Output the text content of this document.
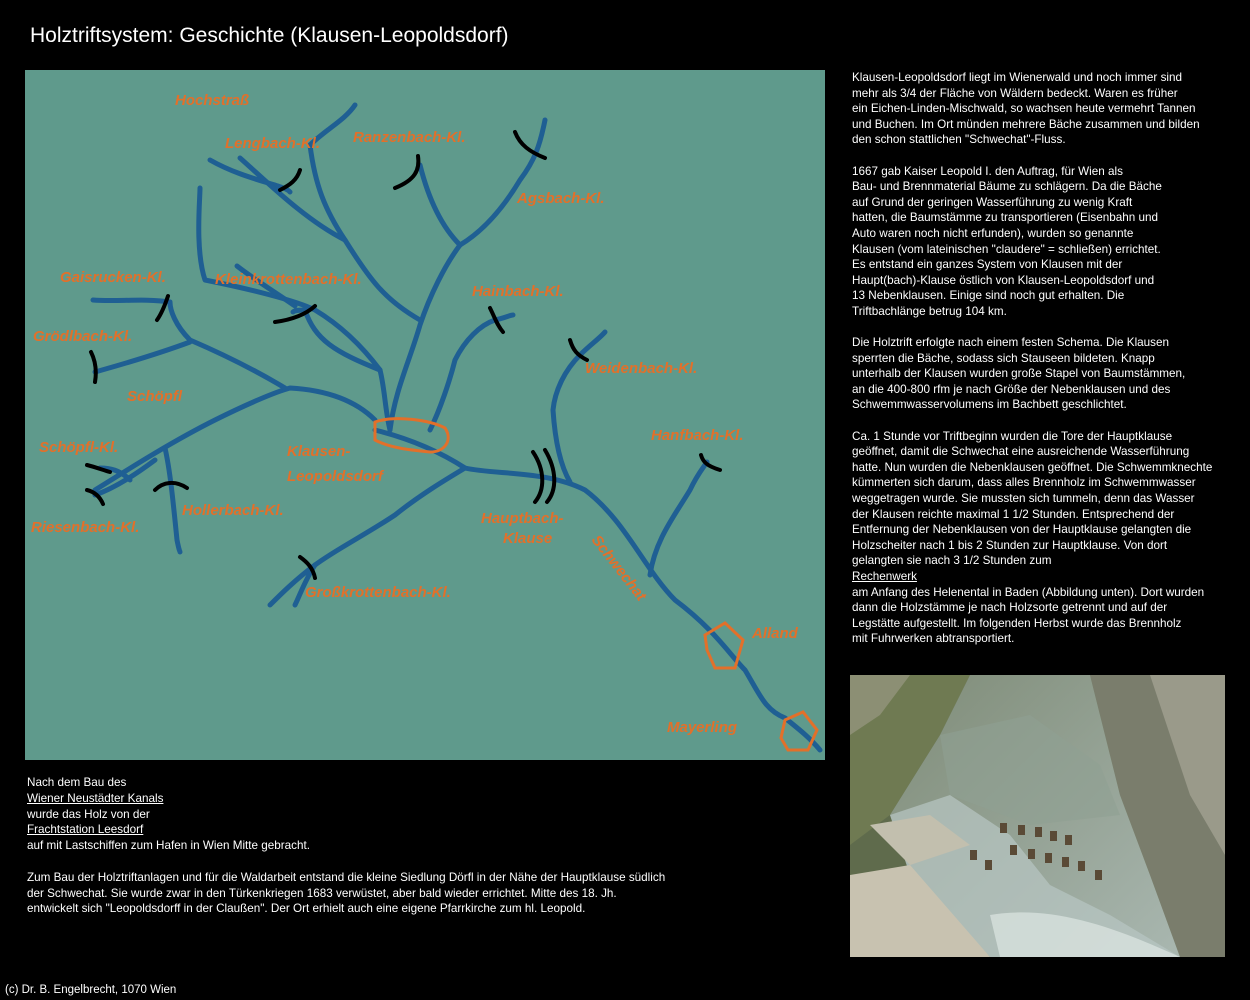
Holztriftsystem: Geschichte (Klausen-Leopoldsdorf)
Hochstraß
Lengbach-Kl. Ranzenbach-Kl.
Agsbach-Kl.
Gaisrucken-Kl.	Kleinkrottenbach-Kl.
Hainbach-Kl.
Grödlbach-Kl.
Schöpfl
Weidenbach-Kl.
Klausen-
Leopoldsdorf
Hanfbach-Kl.
Schöpfl-Kl.
Hollerbach-Kl.
Riesenbach-Kl.
Hauptbach-
Klause Schwechat
Großkrottenbach-Kl.
Alland
Mayerling

Klausen-Leopoldsdorf liegt im Wienerwald und noch immer sind
mehr als 3/4 der Fläche von Wäldern bedeckt. Waren es früher
ein Eichen-Linden-Mischwald, so wachsen heute vermehrt Tannen
und Buchen. Im Ort münden mehrere Bäche zusammen und bilden
den schon stattlichen "Schwechat"-Fluss.

1667 gab Kaiser Leopold I. den Auftrag, für Wien als
Bau- und Brennmaterial Bäume zu schlägern. Da die Bäche
auf Grund der geringen Wasserführung zu wenig Kraft
hatten, die Baumstämme zu transportieren (Eisenbahn und
Auto waren noch nicht erfunden), wurden so genannte
Klausen (vom lateinischen "claudere" = schließen) errichtet.
Es entstand ein ganzes System von Klausen mit der
Haupt(bach)-Klause östlich von Klausen-Leopoldsdorf und
13 Nebenklausen. Einige sind noch gut erhalten. Die
Triftbachlänge betrug 104 km.

Die Holztrift erfolgte nach einem festen Schema. Die Klausen
sperrten die Bäche, sodass sich Stauseen bildeten. Knapp
unterhalb der Klausen wurden große Stapel von Baumstämmen,
an die 400-800 rfm je nach Größe der Nebenklausen und des
Schwemmwasservolumens im Bachbett geschlichtet.

Ca. 1 Stunde vor Triftbeginn wurden die Tore der Hauptklause
geöffnet, damit die Schwechat eine ausreichende Wasserführung
hatte. Nun wurden die Nebenklausen geöffnet. Die Schwemmknechte
kümmerten sich darum, dass alles Brennholz im Schwemmwasser
weggetragen wurde. Sie mussten sich tummeln, denn das Wasser
der Klausen reichte maximal 1 1/2 Stunden. Entsprechend der
Entfernung der Nebenklausen von der Hauptklause gelangten die
Holzscheiter nach 1 bis 2 Stunden zur Hauptklause. Von dort
gelangten sie nach 3 1/2 Stunden zum
Rechenwerk
am Anfang des Helenental in Baden (Abbildung unten). Dort wurden
dann die Holzstämme je nach Holzsorte getrennt und auf der
Legstätte aufgestellt. Im folgenden Herbst wurde das Brennholz
mit Fuhrwerken abtransportiert.

Nach dem Bau des
Wiener Neustädter Kanals
wurde das Holz von der
Frachtstation Leesdorf
auf mit Lastschiffen zum Hafen in Wien Mitte gebracht.
Zum Bau der Holztriftanlagen und für die Waldarbeit entstand die kleine Siedlung Dörfl in der Nähe der Hauptklause südlich
der Schwechat. Sie wurde zwar in den Türkenkriegen 1683 verwüstet, aber bald wieder errichtet. Mitte des 18. Jh.
entwickelt sich "Leopoldsdorff in der Claußen". Der Ort erhielt auch eine eigene Pfarrkirche zum hl. Leopold.
(c) Dr. B. Engelbrecht, 1070 Wien
